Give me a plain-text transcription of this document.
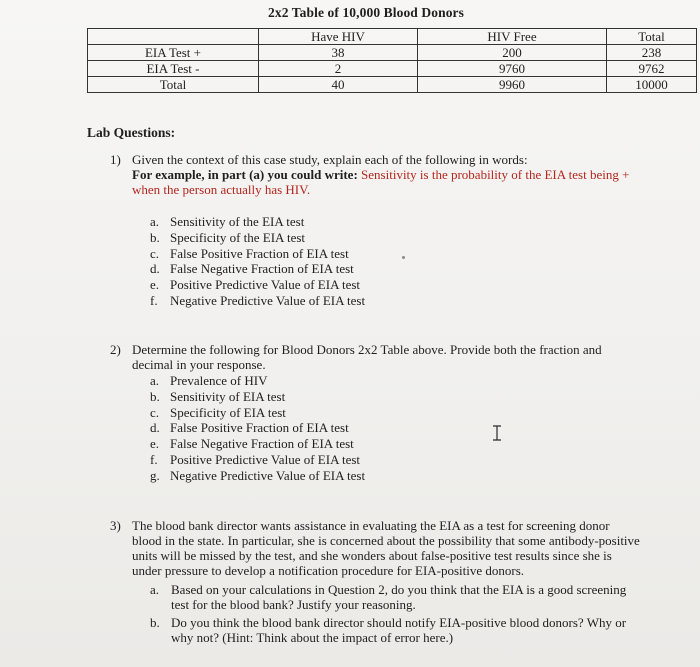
2x2 Table of 10,000 Blood Donors
	Have HIV	HIV Free	Total
EIA Test +	38	200	238
EIA Test -	2	9760	9762
Total	40	9960	10000
Lab Questions:
1) Given the context of this case study, explain each of the following in words:
For example, in part (a) you could write: Sensitivity is the probability of the EIA test being +
when the person actually has HIV.
a. Sensitivity of the EIA test
b. Specificity of the EIA test
c. False Positive Fraction of EIA test
d. False Negative Fraction of EIA test
e. Positive Predictive Value of EIA test
f. Negative Predictive Value of EIA test
2) Determine the following for Blood Donors 2x2 Table above. Provide both the fraction and
decimal in your response.
a. Prevalence of HIV
b. Sensitivity of EIA test
c. Specificity of EIA test
d. False Positive Fraction of EIA test
e. False Negative Fraction of EIA test
f. Positive Predictive Value of EIA test
g. Negative Predictive Value of EIA test
3) The blood bank director wants assistance in evaluating the EIA as a test for screening donor
blood in the state. In particular, she is concerned about the possibility that some antibody-positive
units will be missed by the test, and she wonders about false-positive test results since she is
under pressure to develop a notification procedure for EIA-positive donors.
a. Based on your calculations in Question 2, do you think that the EIA is a good screening
test for the blood bank? Justify your reasoning.
b. Do you think the blood bank director should notify EIA-positive blood donors? Why or
why not? (Hint: Think about the impact of error here.)
